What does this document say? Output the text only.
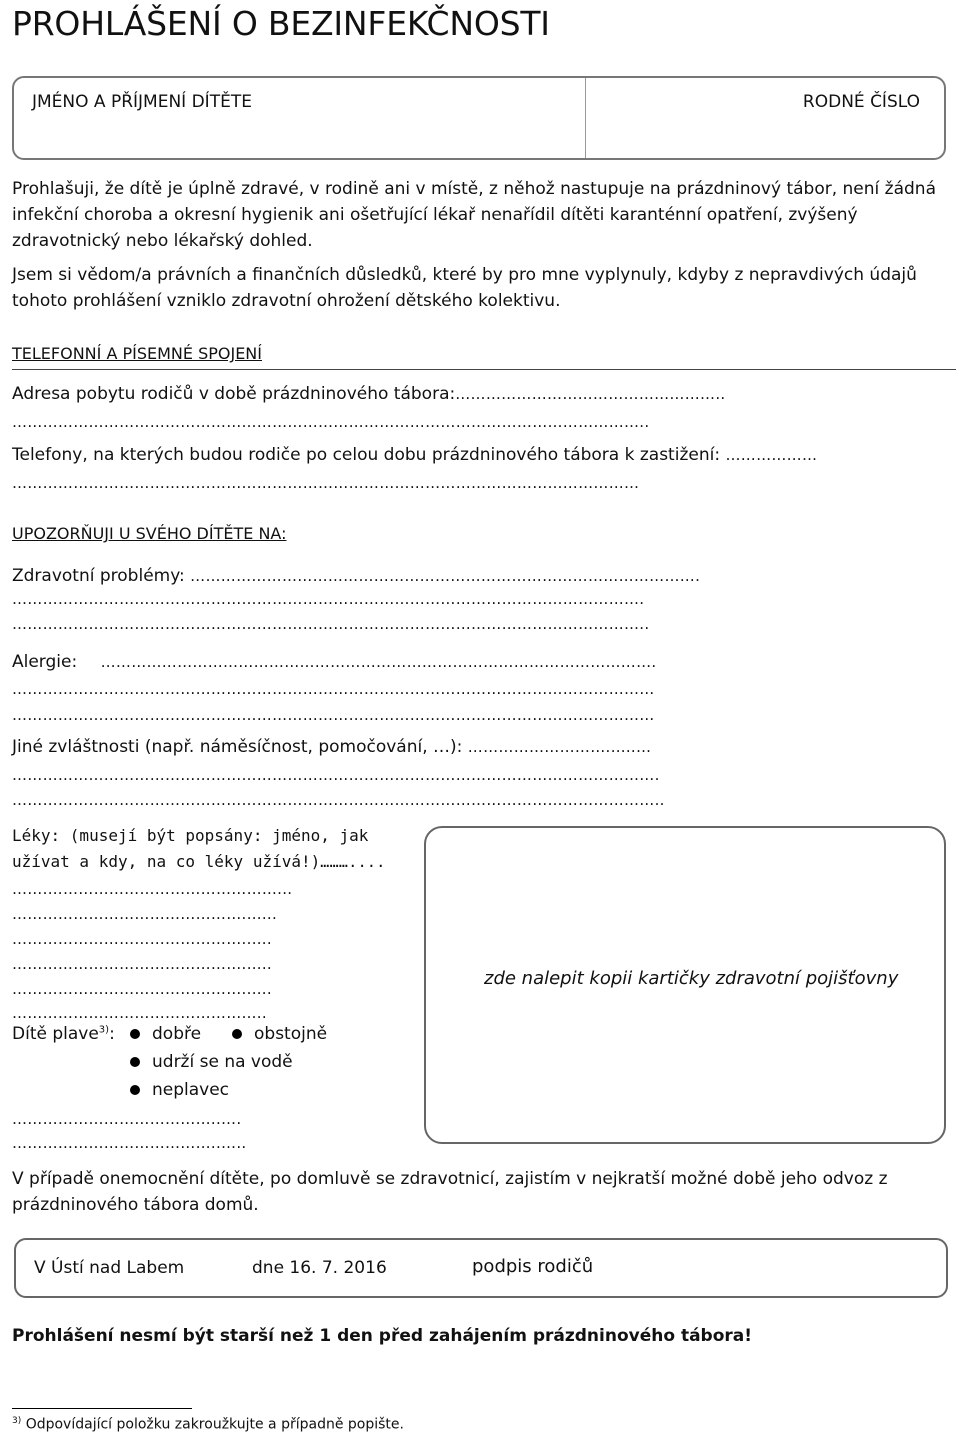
PROHLÁŠENÍ O BEZINFEKČNOSTI
JMÉNO A PŘÍJMENÍ DÍTĚTE	RODNÉ ČÍSLO
Prohlašuji, že dítě je úplně zdravé, v rodině ani v místě, z něhož nastupuje na prázdninový tábor, není žádná infekční choroba a okresní hygienik ani ošetřující lékař nenařídil dítěti karanténní opatření, zvýšený zdravotnický nebo lékařský dohled.
Jsem si vědom/a právních a finančních důsledků, které by pro mne vyplynuly, kdyby z nepravdivých údajů tohoto prohlášení vzniklo zdravotní ohrožení dětského kolektivu.
TELEFONNÍ A PÍSEMNÉ SPOJENÍ
Adresa pobytu rodičů v době prázdninového tábora:……………………………………………..
……………………………………………………………………………………………………………..
Telefony, na kterých budou rodiče po celou dobu prázdninového tábora k zastižení: ………………
……………………………………………………………………………………………………………
UPOZORŇUJI U SVÉHO DÍTĚTE NA:
Zdravotní problémy: ……………………………………………………………………………………….
…………………………………………………………………………………………………………….
……………………………………………………………………………………………………………..
Alergie: ……………………………………………………………………………………………….
………………………………………………………………………………………………………………
………………………………………………………………………………………………………………
Jiné zvláštnosti (např. náměsíčnost, pomočování, …): ……………………….…..…
……………………………………………………………………………………………………………….
………………………………………………………………………………………………………………..
Léky: (musejí být popsány: jméno, jak
užívat a kdy, na co léky užívá!)………....
…….………………………………………...
……………………………………….…...
………………………………………..….
……………………………………….…..
………………………………………..….
…………………………………………..
zde nalepit kopii kartičky zdravotní pojišťovny
Dítě plave$^{3)}$:	dobře	obstojně
udrží se na vodě
neplavec
…………………………………..….
…………………………………..…..
V případě onemocnění dítěte, po domluvě se zdravotnicí, zajistím v nejkratší možné době jeho odvoz z prázdninového tábora domů.
V Ústí nad Labem	dne 16. 7. 2016	podpis rodičů
Prohlášení nesmí být starší než 1 den před zahájením prázdninového tábora!
$^{3)}$ Odpovídající položku zakroužkujte a případně popište.
